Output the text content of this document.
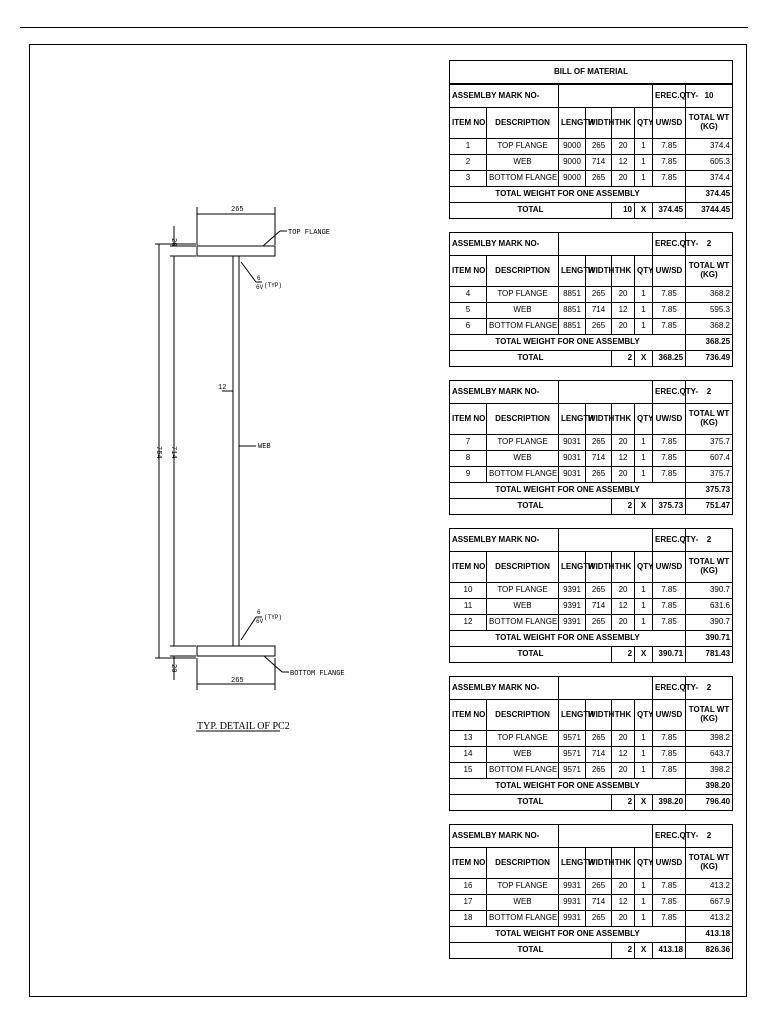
265
265
TOP FLANGE
WEB
BOTTOM FLANGE
12
6
6V (TYP)
6
6V
(TYP)
20
20
754 714
TYP. DETAIL OF PC2
BILL OF MATERIAL
ASSEMLBY MARK NO-						EREC.QTY-	10
ITEM NO	DESCRIPTION	LENGTH	WIDTH	THK	QTY	UW/SD	TOTAL WT (KG)
1	TOP FLANGE	9000	265	20	1	7.85	374.4
2	WEB	9000	714	12	1	7.85	605.3
3	BOTTOM FLANGE	9000	265	20	1	7.85	374.4
TOTAL WEIGHT FOR ONE ASSEMBLY							374.45
TOTAL				10	X	374.45	3744.45
ASSEMLBY MARK NO-						EREC.QTY-	2
ITEM NO	DESCRIPTION	LENGTH	WIDTH	THK	QTY	UW/SD	TOTAL WT (KG)
4	TOP FLANGE	8851	265	20	1	7.85	368.2
5	WEB	8851	714	12	1	7.85	595.3
6	BOTTOM FLANGE	8851	265	20	1	7.85	368.2
TOTAL WEIGHT FOR ONE ASSEMBLY							368.25
TOTAL				2	X	368.25	736.49
ASSEMLBY MARK NO-						EREC.QTY-	2
ITEM NO	DESCRIPTION	LENGTH	WIDTH	THK	QTY	UW/SD	TOTAL WT (KG)
7	TOP FLANGE	9031	265	20	1	7.85	375.7
8	WEB	9031	714	12	1	7.85	607.4
9	BOTTOM FLANGE	9031	265	20	1	7.85	375.7
TOTAL WEIGHT FOR ONE ASSEMBLY							375.73
TOTAL				2	X	375.73	751.47
ASSEMLBY MARK NO-						EREC.QTY-	2
ITEM NO	DESCRIPTION	LENGTH	WIDTH	THK	QTY	UW/SD	TOTAL WT (KG)
10	TOP FLANGE	9391	265	20	1	7.85	390.7
11	WEB	9391	714	12	1	7.85	631.6
12	BOTTOM FLANGE	9391	265	20	1	7.85	390.7
TOTAL WEIGHT FOR ONE ASSEMBLY							390.71
TOTAL				2	X	390.71	781.43
ASSEMLBY MARK NO-						EREC.QTY-	2
ITEM NO	DESCRIPTION	LENGTH	WIDTH	THK	QTY	UW/SD	TOTAL WT (KG)
13	TOP FLANGE	9571	265	20	1	7.85	398.2
14	WEB	9571	714	12	1	7.85	643.7
15	BOTTOM FLANGE	9571	265	20	1	7.85	398.2
TOTAL WEIGHT FOR ONE ASSEMBLY							398.20
TOTAL				2	X	398.20	796.40
ASSEMLBY MARK NO-						EREC.QTY-	2
ITEM NO	DESCRIPTION	LENGTH	WIDTH	THK	QTY	UW/SD	TOTAL WT (KG)
16	TOP FLANGE	9931	265	20	1	7.85	413.2
17	WEB	9931	714	12	1	7.85	667.9
18	BOTTOM FLANGE	9931	265	20	1	7.85	413.2
TOTAL WEIGHT FOR ONE ASSEMBLY							413.18
TOTAL				2	X	413.18	826.36
